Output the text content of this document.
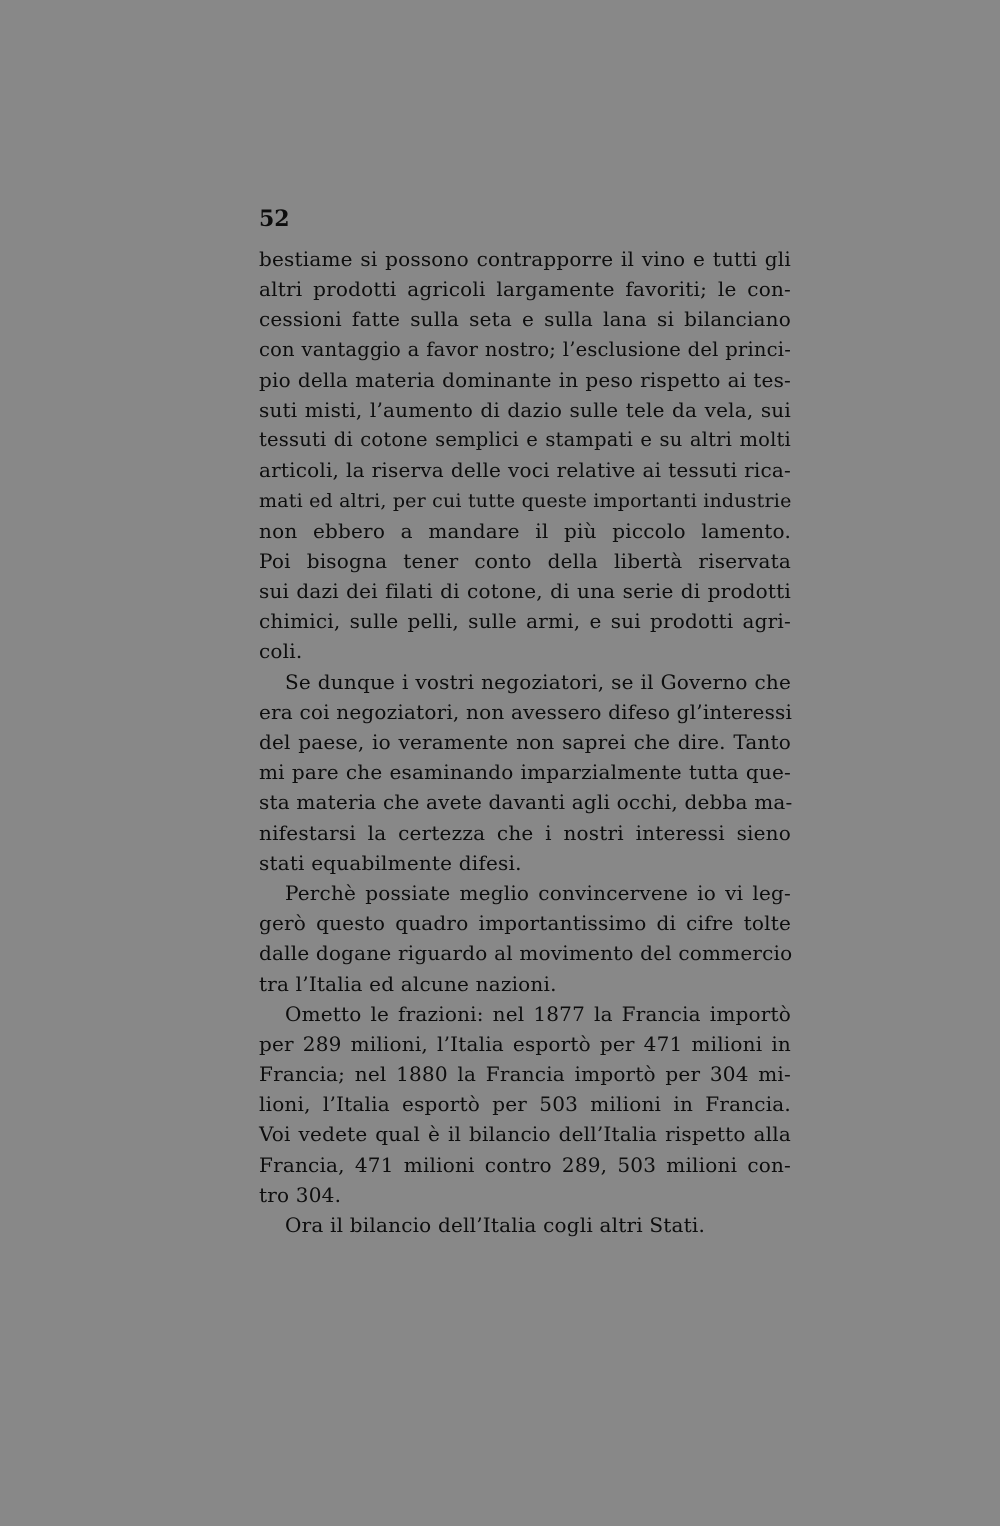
52
bestiame si possono contrapporre il vino e tutti gli
altri prodotti agricoli largamente favoriti; le con-
cessioni fatte sulla seta e sulla lana si bilanciano
con vantaggio a favor nostro; l’esclusione del princi-
pio della materia dominante in peso rispetto ai tes-
suti misti, l’aumento di dazio sulle tele da vela, sui
tessuti di cotone semplici e stampati e su altri molti
articoli, la riserva delle voci relative ai tessuti rica-
mati ed altri, per cui tutte queste importanti industrie
non ebbero a mandare il più piccolo lamento.
Poi bisogna tener conto della libertà riservata
sui dazi dei filati di cotone, di una serie di prodotti
chimici, sulle pelli, sulle armi, e sui prodotti agri-
coli.
Se dunque i vostri negoziatori, se il Governo che
era coi negoziatori, non avessero difeso gl’interessi
del paese, io veramente non saprei che dire. Tanto
mi pare che esaminando imparzialmente tutta que-
sta materia che avete davanti agli occhi, debba ma-
nifestarsi la certezza che i nostri interessi sieno
stati equabilmente difesi.
Perchè possiate meglio convincervene io vi leg-
gerò questo quadro importantissimo di cifre tolte
dalle dogane riguardo al movimento del commercio
tra l’Italia ed alcune nazioni.
Ometto le frazioni: nel 1877 la Francia importò
per 289 milioni, l’Italia esportò per 471 milioni in
Francia; nel 1880 la Francia importò per 304 mi-
lioni, l’Italia esportò per 503 milioni in Francia.
Voi vedete qual è il bilancio dell’Italia rispetto alla
Francia, 471 milioni contro 289, 503 milioni con-
tro 304.
Ora il bilancio dell’Italia cogli altri Stati.
